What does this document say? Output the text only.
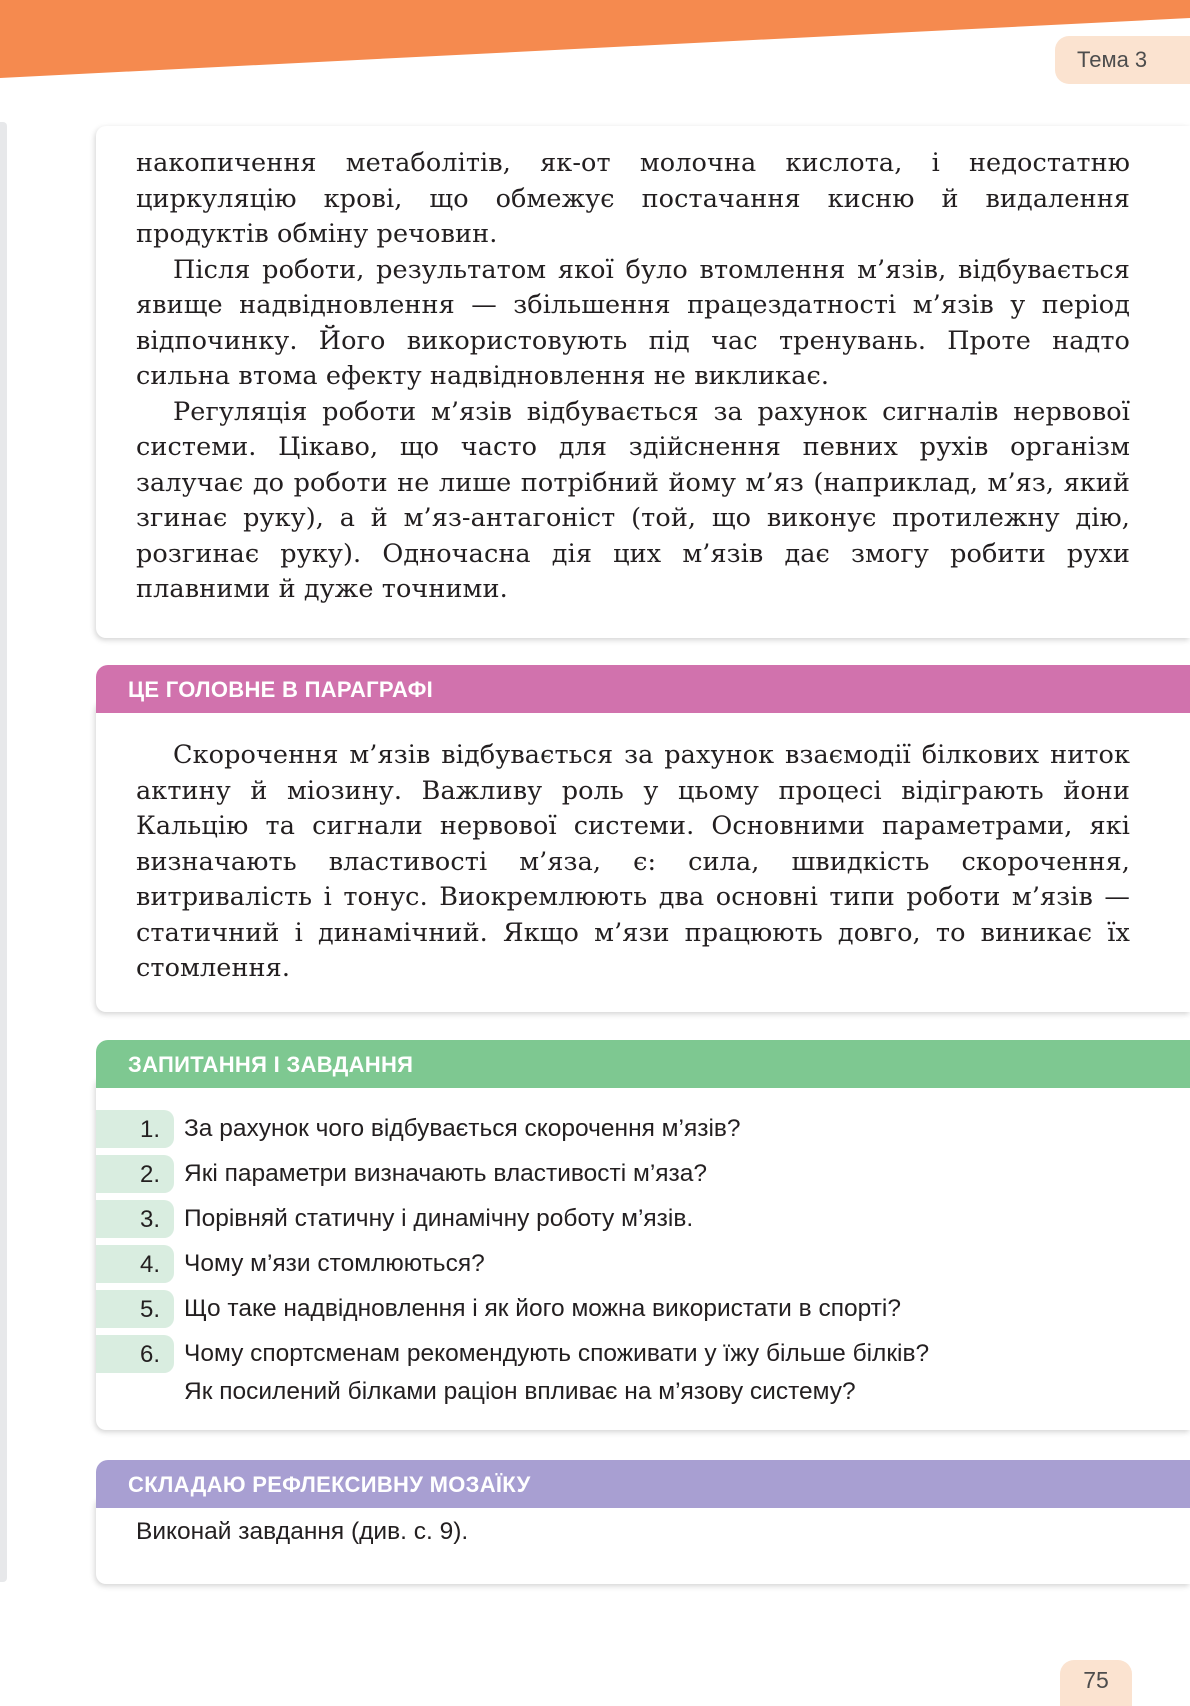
Тема 3

накопичення метаболітів, як-от молочна кислота, і недостатню циркуляцію крові, що обмежує постачання кисню й видалення продуктів обміну речовин.

Після роботи, результатом якої було втомлення м’язів, відбувається явище надвідновлення — збільшення працездатності м’язів у період відпочинку. Його використовують під час тренувань. Проте надто сильна втома ефекту надвідновлення не викликає.

Регуляція роботи м’язів відбувається за рахунок сигналів нервової системи. Цікаво, що часто для здійснення певних рухів організм залучає до роботи не лише потрібний йому м’яз (наприклад, м’яз, який згинає руку), а й м’яз-антагоніст (той, що виконує протилежну дію, розгинає руку). Одночасна дія цих м’язів дає змогу робити рухи плавними й дуже точними.

ЦЕ ГОЛОВНЕ В ПАРАГРАФІ

Скорочення м’язів відбувається за рахунок взаємодії білкових ниток актину й міозину. Важливу роль у цьому процесі відіграють йони Кальцію та сигнали нервової системи. Основними параметрами, які визначають властивості м’яза, є: сила, швидкість скорочення, витривалість і тонус. Виокремлюють два основні типи роботи м’язів — статичний і динамічний. Якщо м’язи працюють довго, то виникає їх стомлення.

ЗАПИТАННЯ І ЗАВДАННЯ
1. За рахунок чого відбувається скорочення м’язів?
2. Які параметри визначають властивості м’яза?
3. Порівняй статичну і динамічну роботу м’язів.
4. Чому м’язи стомлюються?
5. Що таке надвідновлення і як його можна використати в спорті?
6. Чому спортсменам рекомендують споживати у їжу більше білків?
Як посилений білками раціон впливає на м’язову систему?
СКЛАДАЮ РЕФЛЕКСИВНУ МОЗАЇКУ
Виконай завдання (див. с. 9).
75
